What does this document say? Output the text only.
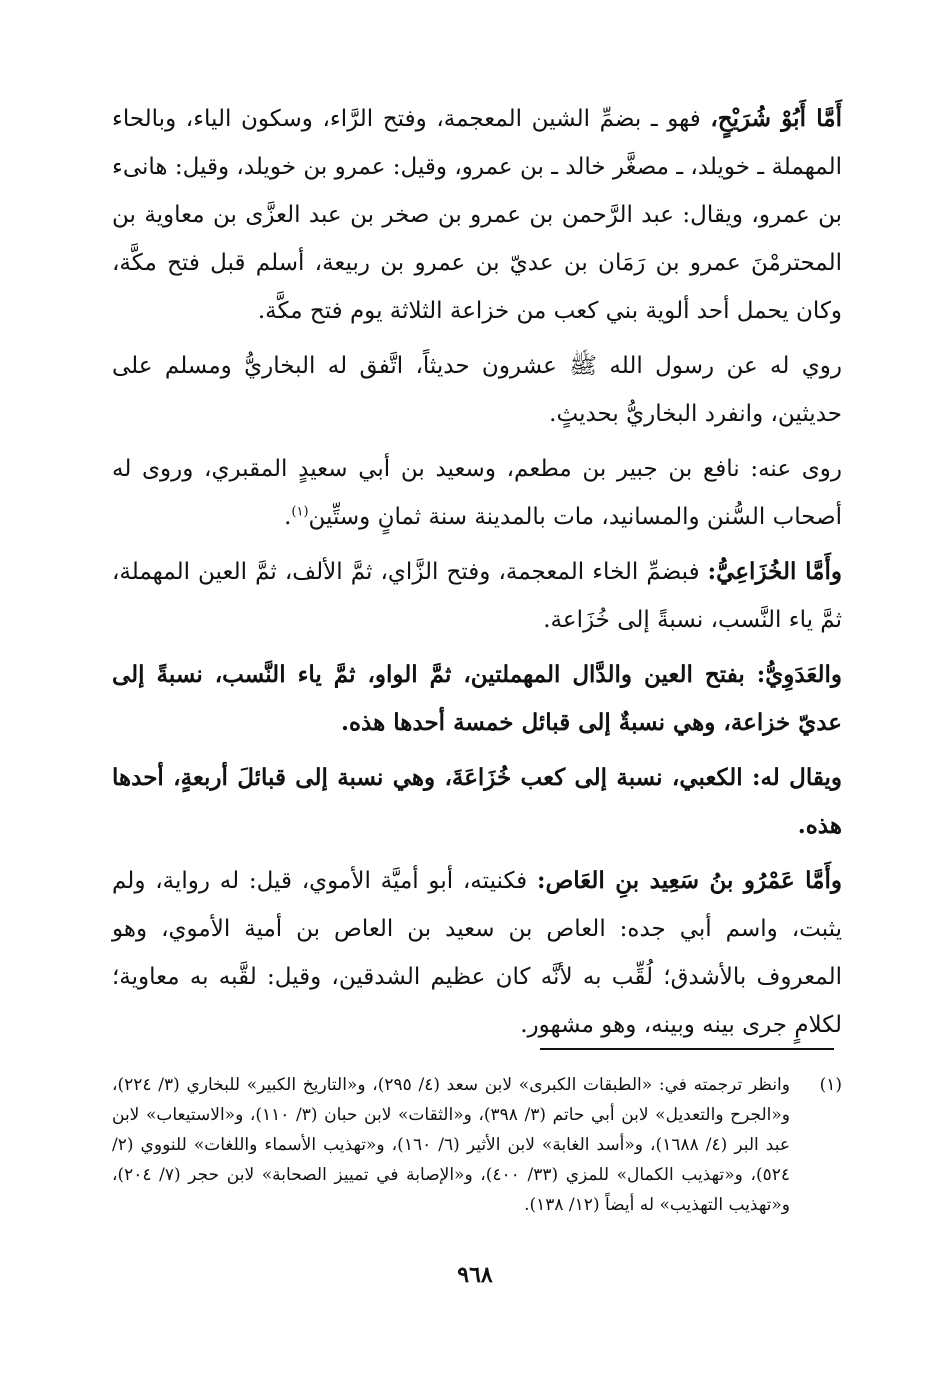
أَمَّا أَبُوْ شُرَيْحٍ، فهو ـ بضمِّ الشين المعجمة، وفتح الرَّاء، وسكون الياء، وبالحاء المهملة ـ خويلد، ـ مصغَّر خالد ـ بن عمرو، وقيل: عمرو بن خويلد، وقيل: هانىء بن عمرو، ويقال: عبد الرَّحمن بن عمرو بن صخر بن عبد العزَّى بن معاوية بن المحترمْنَ عمرو بن رَمَان بن عديّ بن عمرو بن ربيعة، أسلم قبل فتح مكَّة، وكان يحمل أحد ألوية بني كعب من خزاعة الثلاثة يوم فتح مكَّة.

روي له عن رسول الله ﷺ عشرون حديثاً، اتَّفق له البخاريُّ ومسلم على حديثين، وانفرد البخاريُّ بحديثٍ.

روى عنه: نافع بن جبير بن مطعم، وسعيد بن أبي سعيدٍ المقبري، وروى له أصحاب السُّنن والمسانيد، مات بالمدينة سنة ثمانٍ وستِّين$^{(١)}$.

وأَمَّا الخُزَاعِيُّ: فبضمِّ الخاء المعجمة، وفتح الزَّاي، ثمَّ الألف، ثمَّ العين المهملة، ثمَّ ياء النَّسب، نسبةً إلى خُزَاعة.

والعَدَوِيُّ: بفتح العين والدَّال المهملتين، ثمَّ الواو، ثمَّ ياء النَّسب، نسبةً إلى عديّ خزاعة، وهي نسبةٌ إلى قبائل خمسة أحدها هذه.

ويقال له: الكعبي، نسبة إلى كعب خُزَاعَةَ، وهي نسبة إلى قبائلَ أربعةٍ، أحدها هذه.

وأَمَّا عَمْرُو بنُ سَعِيد بنِ العَاص: فكنيته، أبو أميَّة الأموي، قيل: له رواية، ولم يثبت، واسم أبي جده: العاص بن سعيد بن العاص بن أمية الأموي، وهو المعروف بالأشدق؛ لُقِّب به لأنَّه كان عظيم الشدقين، وقيل: لقَّبه به معاوية؛ لكلامٍ جرى بينه وبينه، وهو مشهور.

(١)
وانظر ترجمته في: «الطبقات الكبرى» لابن سعد (٤/ ٢٩٥)، و«التاريخ الكبير» للبخاري (٣/ ٢٢٤)، و«الجرح والتعديل» لابن أبي حاتم (٣/ ٣٩٨)، و«الثقات» لابن حبان (٣/ ١١٠)، و«الاستيعاب» لابن عبد البر (٤/ ١٦٨٨)، و«أسد الغابة» لابن الأثير (٦/ ١٦٠)، و«تهذيب الأسماء واللغات» للنووي (٢/ ٥٢٤)، و«تهذيب الكمال» للمزي (٣٣/ ٤٠٠)، و«الإصابة في تمييز الصحابة» لابن حجر (٧/ ٢٠٤)، و«تهذيب التهذيب» له أيضاً (١٢/ ١٣٨).
٩٦٨
